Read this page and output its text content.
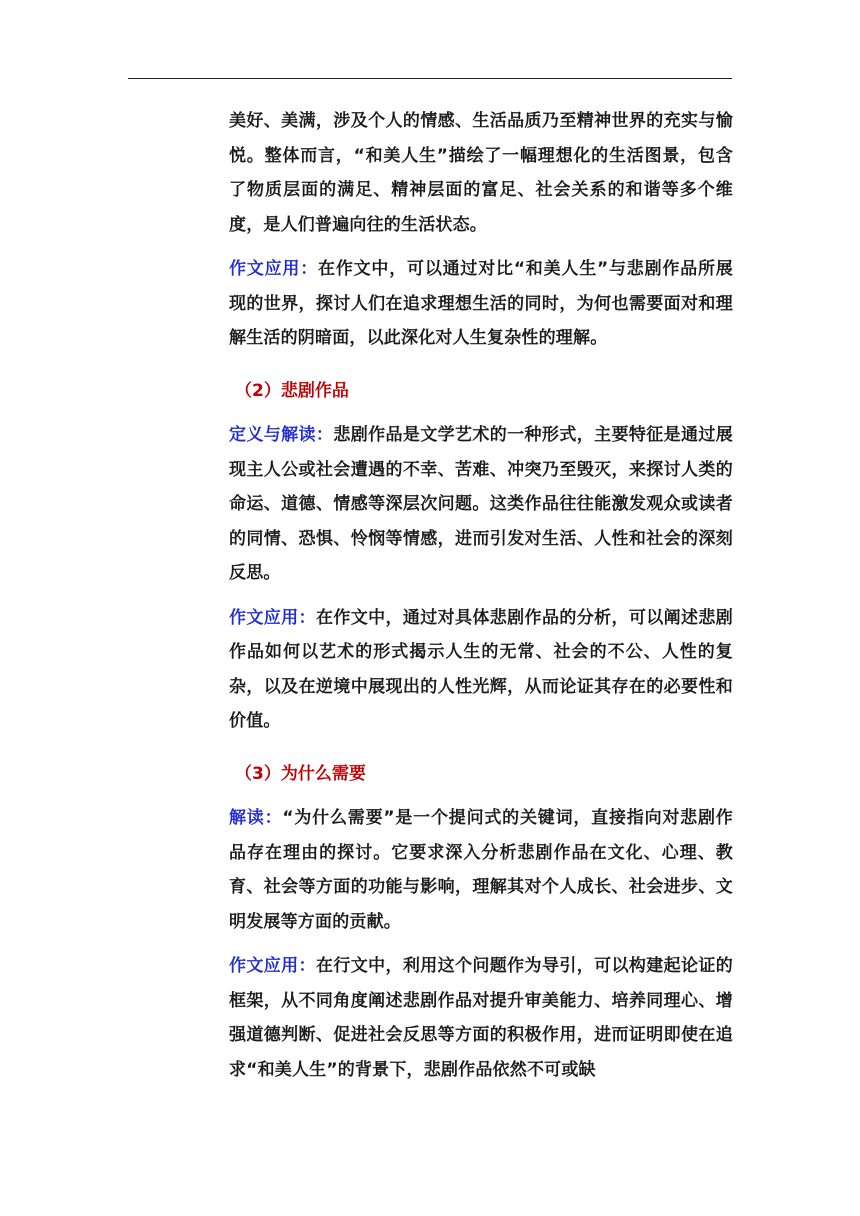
美好、美满，涉及个人的情感、生活品质乃至精神世界的充实与愉悦。整体而言，“和美人生”描绘了一幅理想化的生活图景，包含了物质层面的满足、精神层面的富足、社会关系的和谐等多个维度，是人们普遍向往的生活状态。

作文应用：在作文中，可以通过对比“和美人生”与悲剧作品所展现的世界，探讨人们在追求理想生活的同时，为何也需要面对和理解生活的阴暗面，以此深化对人生复杂性的理解。

（2）悲剧作品

定义与解读：悲剧作品是文学艺术的一种形式，主要特征是通过展现主人公或社会遭遇的不幸、苦难、冲突乃至毁灭，来探讨人类的命运、道德、情感等深层次问题。这类作品往往能激发观众或读者的同情、恐惧、怜悯等情感，进而引发对生活、人性和社会的深刻反思。

作文应用：在作文中，通过对具体悲剧作品的分析，可以阐述悲剧作品如何以艺术的形式揭示人生的无常、社会的不公、人性的复杂，以及在逆境中展现出的人性光辉，从而论证其存在的必要性和价值。

（3）为什么需要

解读：“为什么需要”是一个提问式的关键词，直接指向对悲剧作品存在理由的探讨。它要求深入分析悲剧作品在文化、心理、教育、社会等方面的功能与影响，理解其对个人成长、社会进步、文明发展等方面的贡献。

作文应用：在行文中，利用这个问题作为导引，可以构建起论证的框架，从不同角度阐述悲剧作品对提升审美能力、培养同理心、增强道德判断、促进社会反思等方面的积极作用，进而证明即使在追求“和美人生”的背景下，悲剧作品依然不可或缺
